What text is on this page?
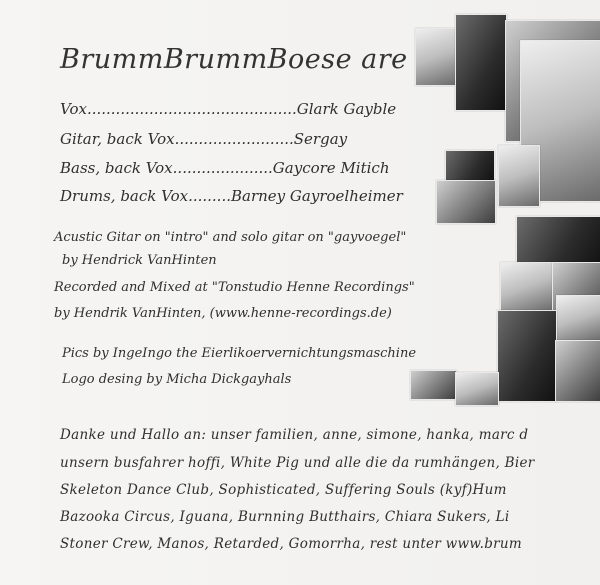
BrummBrummBoese are
Vox............................................Glark Gayble
Gitar, back Vox.........................Sergay
Bass, back Vox.....................Gaycore Mitich
Drums, back Vox.........Barney Gayroelheimer
Acustic Gitar on "intro" and solo gitar on "gayvoegel"
by Hendrick VanHinten
Recorded and Mixed at "Tonstudio Henne Recordings"
by Hendrik VanHinten, (www.henne-recordings.de)
Pics by IngeIngo the Eierlikoervernichtungsmaschine
Logo desing by Micha Dickgayhals
Danke und Hallo an: unser familien, anne, simone, hanka, marc d
unsern busfahrer hoffi, White Pig und alle die da rumhängen, Bier
Skeleton Dance Club, Sophisticated, Suffering Souls (kyf)Hum
Bazooka Circus, Iguana, Burnning Butthairs, Chiara Sukers, Li
Stoner Crew, Manos, Retarded, Gomorrha, rest unter www.brum
